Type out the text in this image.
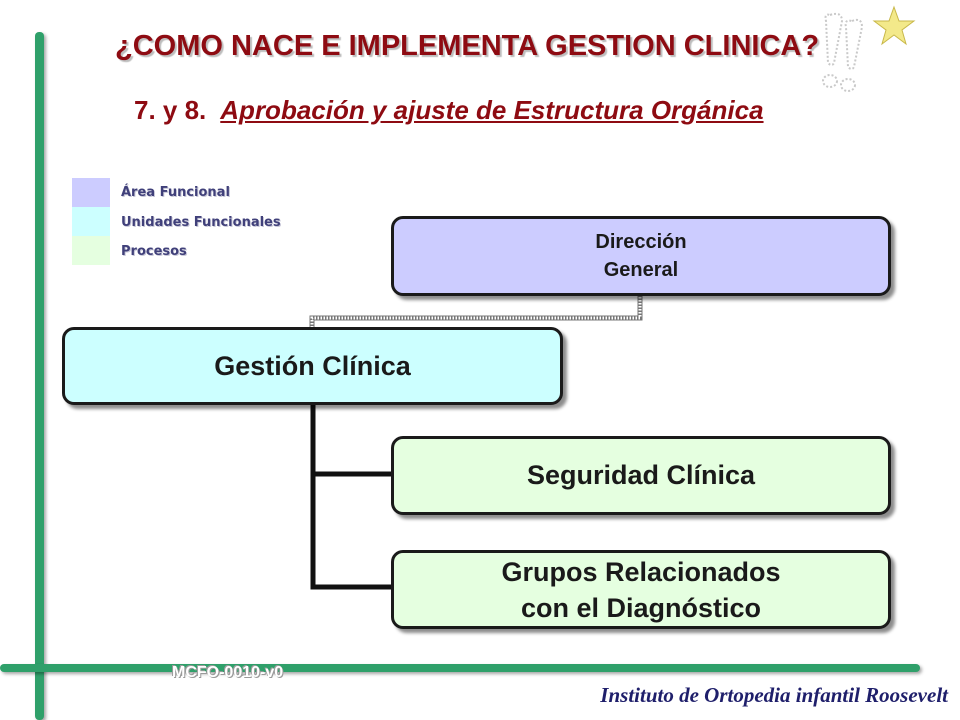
¿COMO NACE E IMPLEMENTA GESTION CLINICA?
7. y 8. Aprobación y ajuste de Estructura Orgánica
Área Funcional
Unidades Funcionales
Procesos	Dirección
General
Gestión Clínica
Seguridad Clínica
Grupos Relacionados
con el Diagnóstico
MCFO-0010-v0
Instituto de Ortopedia infantil Roosevelt
